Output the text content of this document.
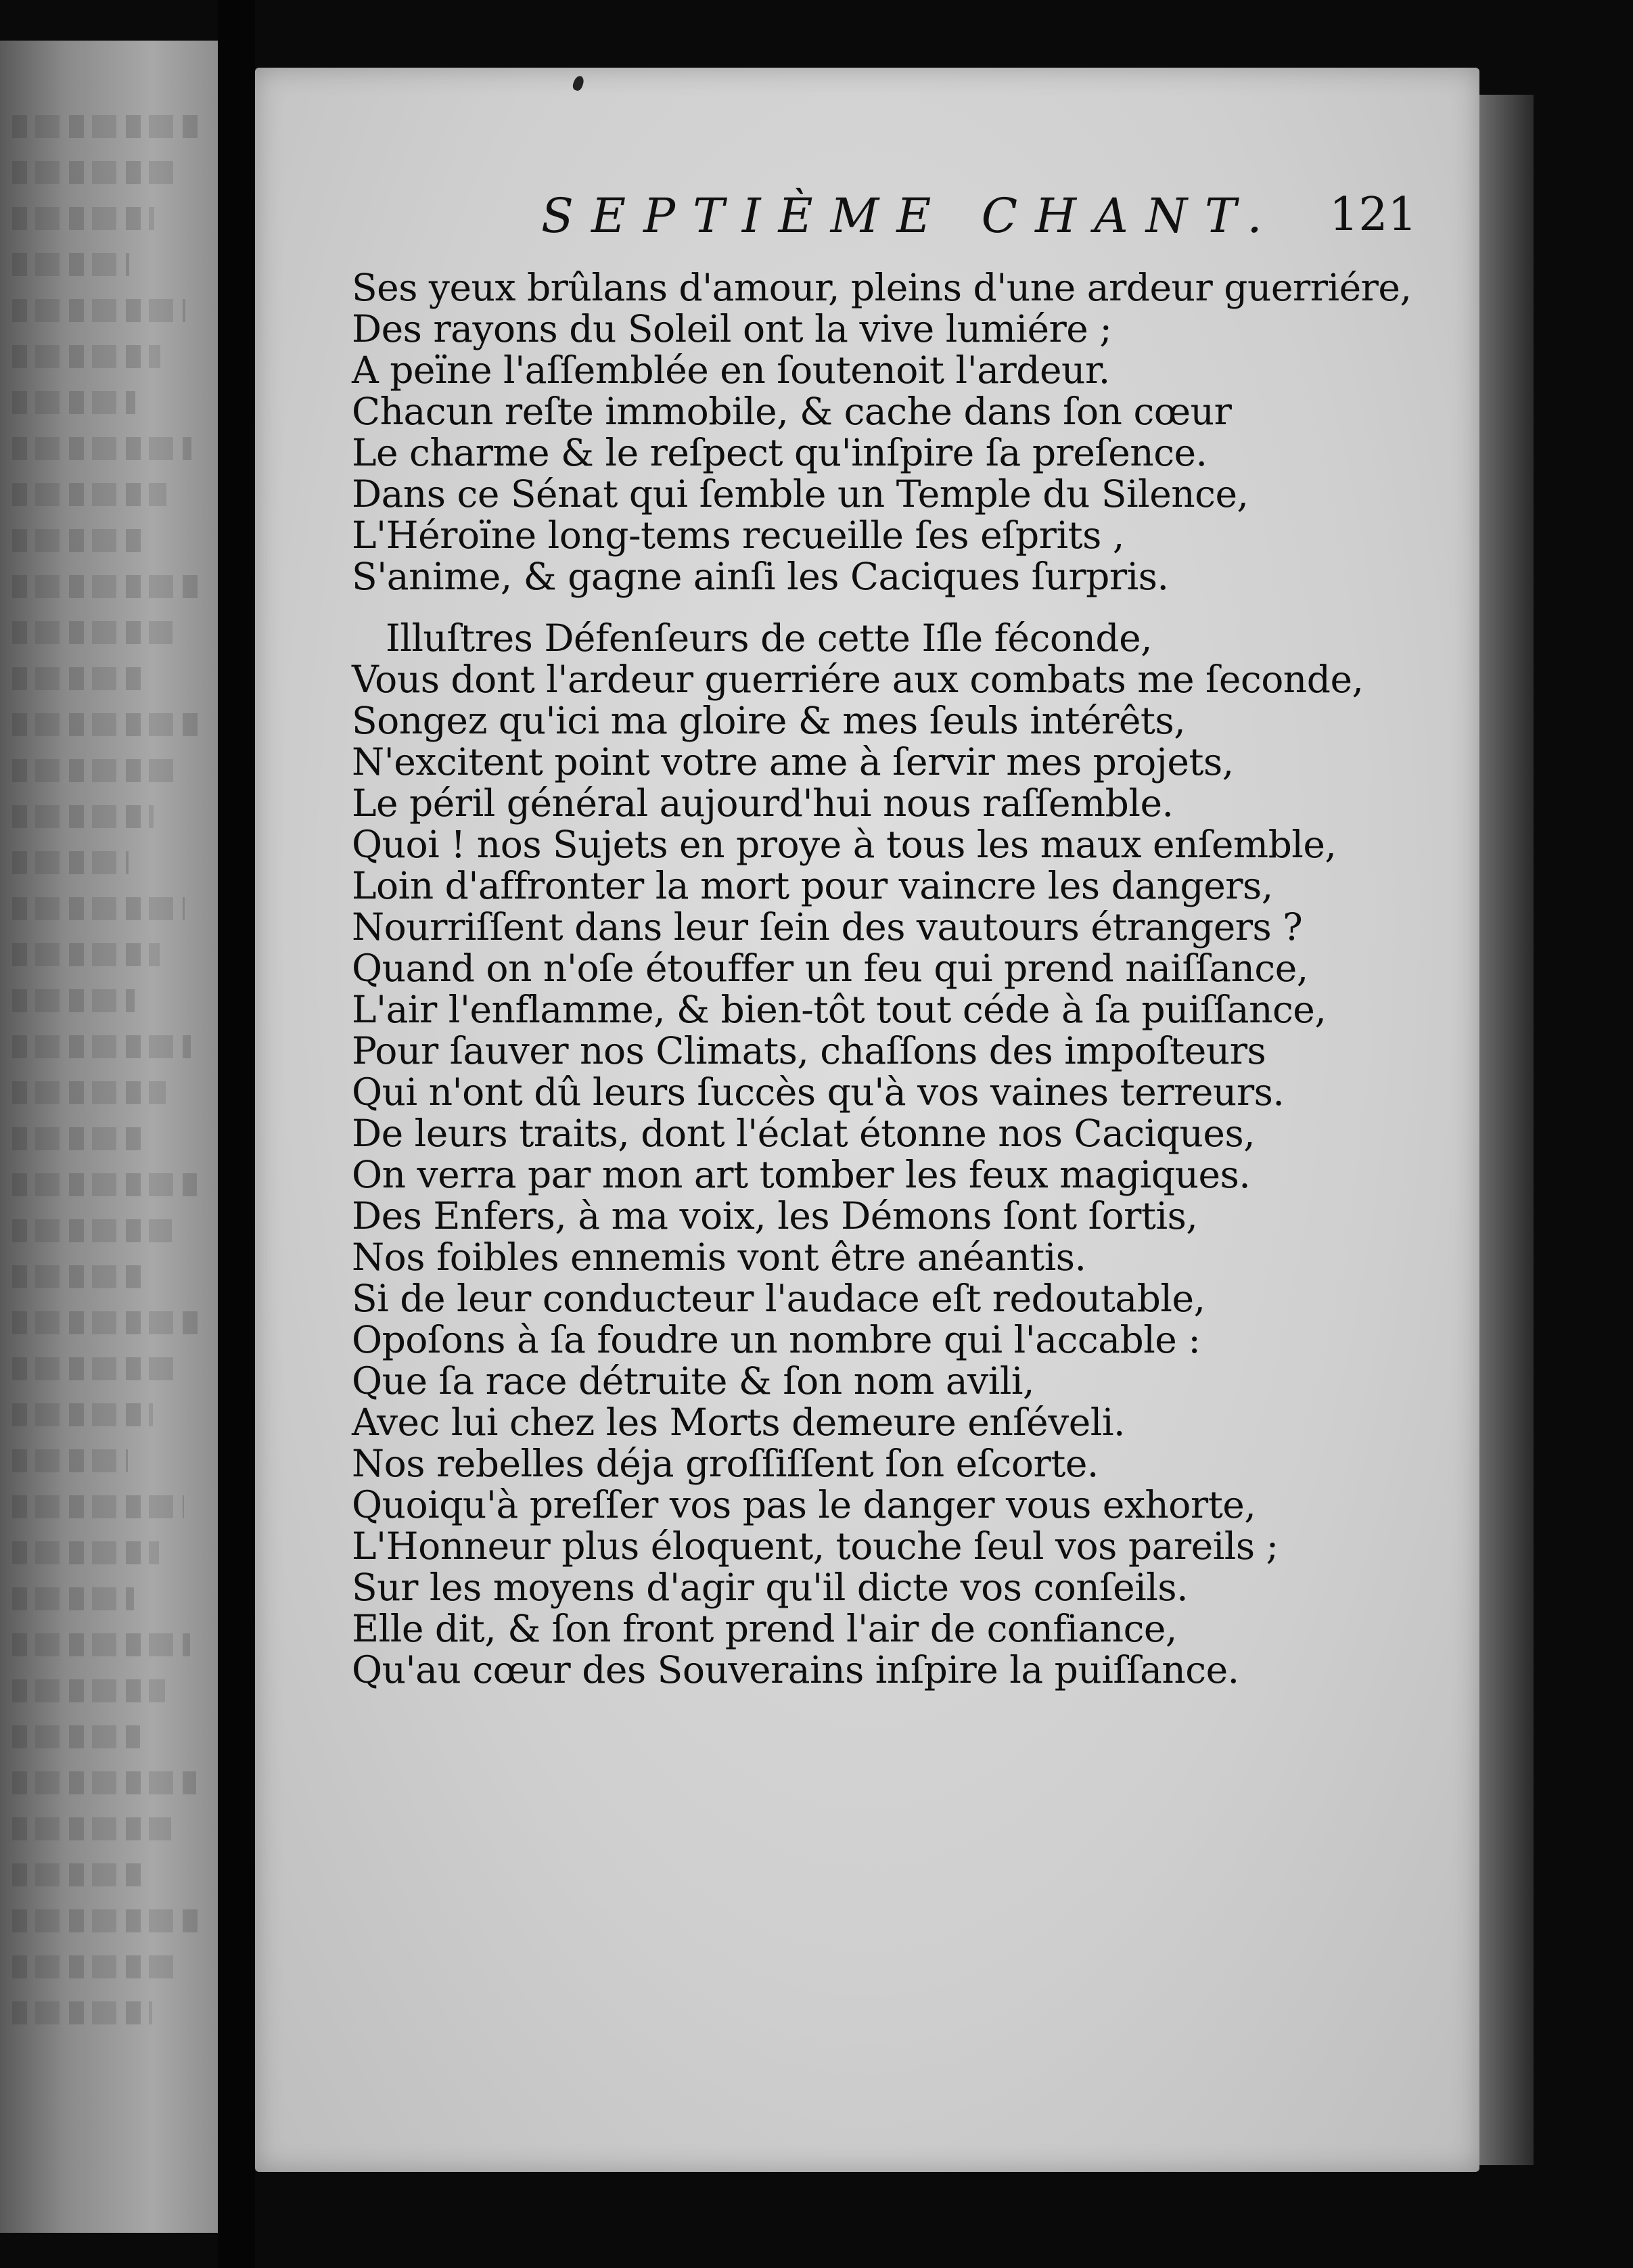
SEPTIÈME CHANT. 121
Ses yeux brûlans d'amour, pleins d'une ardeur guerriére,
Des rayons du Soleil ont la vive lumiére ;
A peïne l'aſſemblée en ſoutenoit l'ardeur.
Chacun reſte immobile, & cache dans ſon cœur
Le charme & le reſpect qu'inſpire ſa preſence.
Dans ce Sénat qui ſemble un Temple du Silence,
L'Héroïne long-tems recueille ſes eſprits ,
S'anime, & gagne ainſi les Caciques ſurpris.
Illuſtres Défenſeurs de cette Iſle féconde,
Vous dont l'ardeur guerriére aux combats me ſeconde,
Songez qu'ici ma gloire & mes ſeuls intérêts,
N'excitent point votre ame à ſervir mes projets,
Le péril général aujourd'hui nous raſſemble.
Quoi ! nos Sujets en proye à tous les maux enſemble,
Loin d'affronter la mort pour vaincre les dangers,
Nourriſſent dans leur ſein des vautours étrangers ?
Quand on n'oſe étouffer un feu qui prend naiſſance,
L'air l'enflamme, & bien-tôt tout céde à ſa puiſſance,
Pour ſauver nos Climats, chaſſons des impoſteurs
Qui n'ont dû leurs ſuccès qu'à vos vaines terreurs.
De leurs traits, dont l'éclat étonne nos Caciques,
On verra par mon art tomber les feux magiques.
Des Enfers, à ma voix, les Démons ſont ſortis,
Nos foibles ennemis vont être anéantis.
Si de leur conducteur l'audace eſt redoutable,
Opoſons à ſa foudre un nombre qui l'accable :
Que ſa race détruite & ſon nom avili,
Avec lui chez les Morts demeure enſéveli.
Nos rebelles déja groſſiſſent ſon eſcorte.
Quoiqu'à preſſer vos pas le danger vous exhorte,
L'Honneur plus éloquent, touche ſeul vos pareils ;
Sur les moyens d'agir qu'il dicte vos conſeils.
Elle dit, & ſon front prend l'air de confiance,
Qu'au cœur des Souverains inſpire la puiſſance.
